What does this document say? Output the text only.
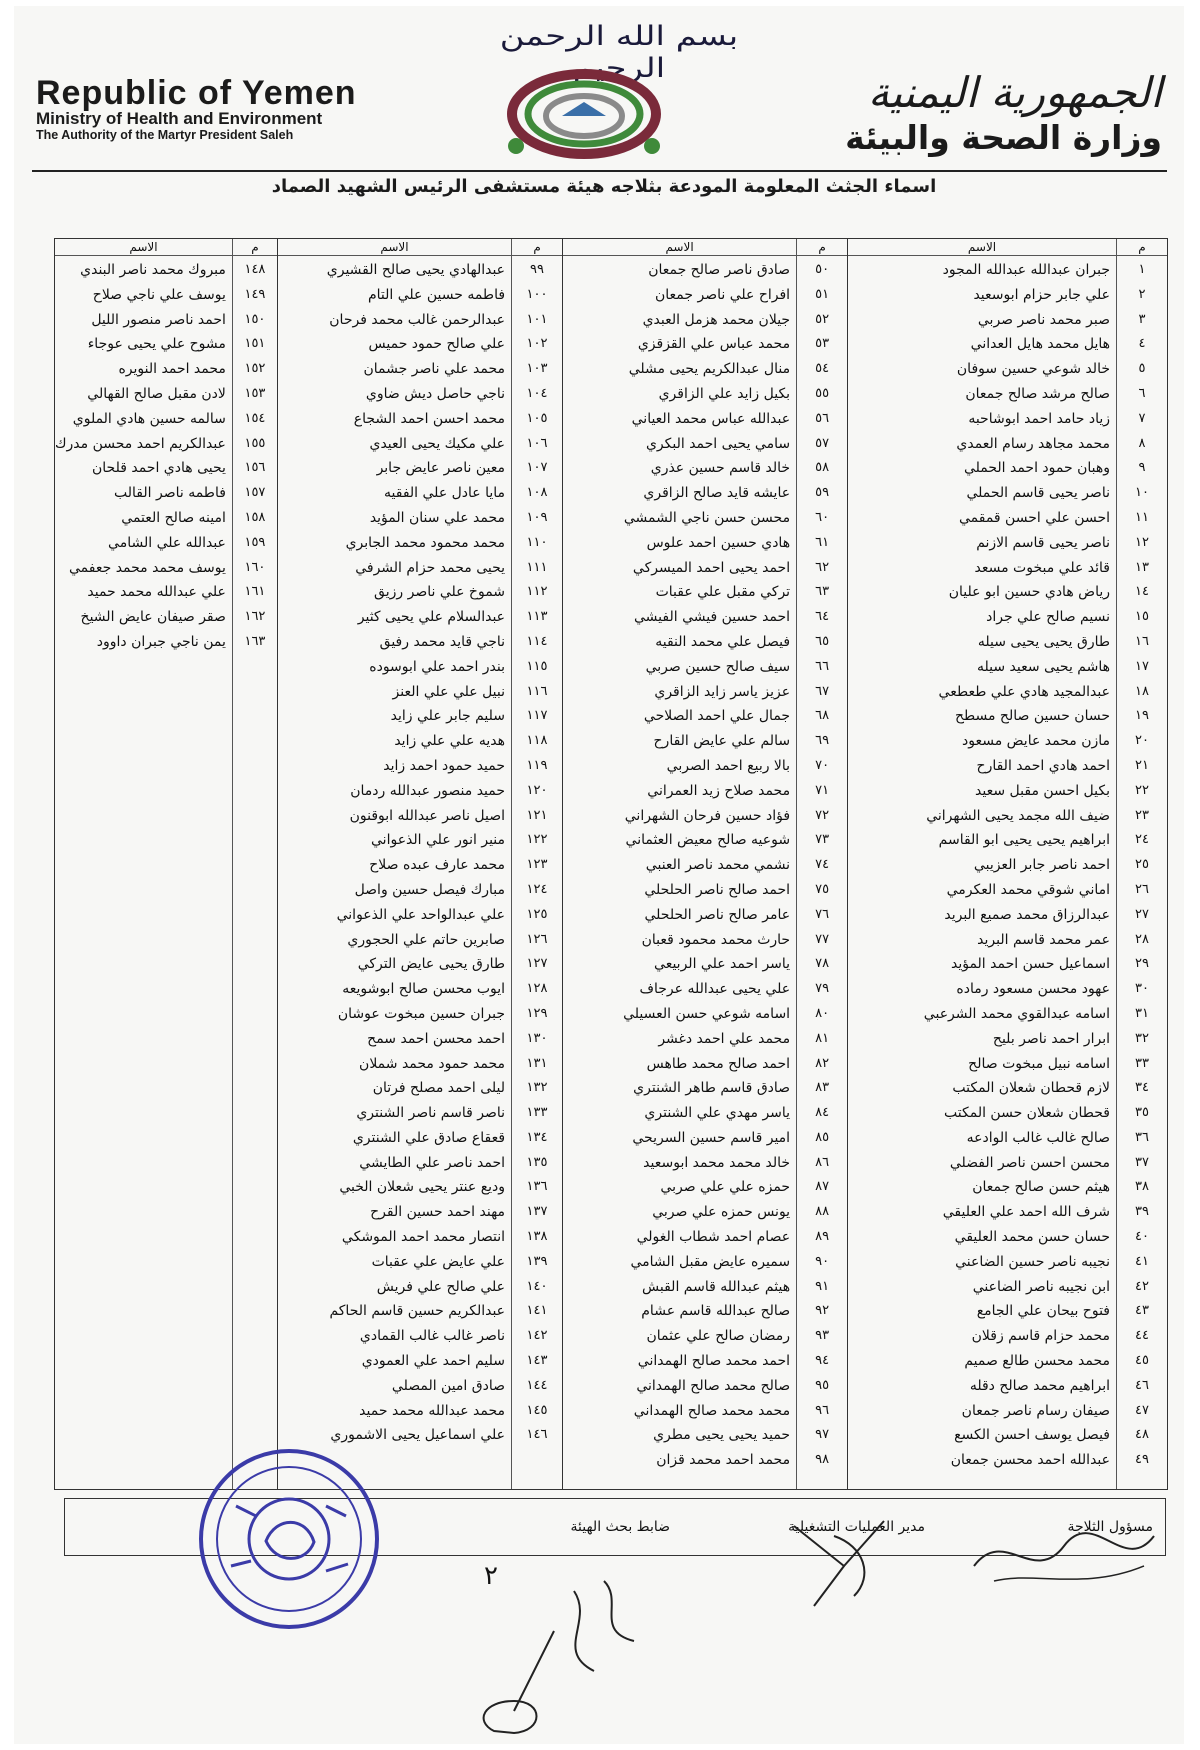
بسم الله الرحمن الرحيم
Republic of Yemen
Ministry of Health and Environment
The Authority of the Martyr President Saleh
الجمهورية اليمنية
وزارة الصحة والبيئة
اسماء الجثث المعلومة المودعة بثلاجه هيئة مستشفى الرئيس الشهيد الصماد
م
١
٢
٣
٤
٥
٦
٧
٨
٩
١٠
١١
١٢
١٣
١٤
١٥
١٦
١٧
١٨
١٩
٢٠
٢١
٢٢
٢٣
٢٤
٢٥
٢٦
٢٧
٢٨
٢٩
٣٠
٣١
٣٢
٣٣
٣٤
٣٥
٣٦
٣٧
٣٨
٣٩
٤٠
٤١
٤٢
٤٣
٤٤
٤٥
٤٦
٤٧
٤٨
٤٩
الاسم
جبران عبدالله عبدالله المجود
علي جابر حزام ابوسعيد
صبر محمد ناصر صربي
هايل محمد هايل العداني
خالد شوعي حسين سوفان
صالح مرشد صالح جمعان
زياد حامد احمد ابوشاحبه
محمد مجاهد رسام العمدي
وهبان حمود احمد الحملي
ناصر يحيى قاسم الحملي
احسن علي احسن قمقمي
ناصر يحيى قاسم الازنم
قائد علي مبخوت مسعد
رياض هادي حسين ابو عليان
نسيم صالح علي جراد
طارق يحيى يحيى سيله
هاشم يحيى سعيد سيله
عبدالمجيد هادي علي طعطعي
حسان حسين صالح مسطح
مازن محمد عايض مسعود
احمد هادي احمد القارح
بكيل احسن مقبل سعيد
ضيف الله مجمد يحيى الشهراني
ابراهيم يحيى يحيى ابو القاسم
احمد ناصر جابر العزيبي
اماني شوقي محمد العكرمي
عبدالرزاق محمد صميع البريد
عمر محمد قاسم البريد
اسماعيل حسن احمد المؤيد
عهود محسن مسعود رماده
اسامه عبدالقوي محمد الشرعبي
ابرار احمد ناصر بليح
اسامه نبيل مبخوت صالح
لازم قحطان شعلان المكتب
قحطان شعلان حسن المكتب
صالح غالب غالب الوادعه
محسن احسن ناصر الفضلي
هيثم حسن صالح جمعان
شرف الله احمد علي العليقي
حسان حسن محمد العليقي
نجيبه ناصر حسين الضاعني
ابن نجيبه ناصر الضاعني
فتوح بيحان علي الجامع
محمد حزام قاسم زقلان
محمد محسن طالع صميم
ابراهيم محمد صالح دقله
صيفان رسام ناصر جمعان
فيصل يوسف احسن الكسع
عبدالله احمد محسن جمعان
م
٥٠
٥١
٥٢
٥٣
٥٤
٥٥
٥٦
٥٧
٥٨
٥٩
٦٠
٦١
٦٢
٦٣
٦٤
٦٥
٦٦
٦٧
٦٨
٦٩
٧٠
٧١
٧٢
٧٣
٧٤
٧٥
٧٦
٧٧
٧٨
٧٩
٨٠
٨١
٨٢
٨٣
٨٤
٨٥
٨٦
٨٧
٨٨
٨٩
٩٠
٩١
٩٢
٩٣
٩٤
٩٥
٩٦
٩٧
٩٨
الاسم
صادق ناصر صالح جمعان
افراح علي ناصر جمعان
جيلان محمد هزمل العبدي
محمد عباس علي القزقزي
منال عبدالكريم يحيى مشلي
بكيل زايد علي الزاقري
عبدالله عباس محمد العياني
سامي يحيى احمد البكري
خالد قاسم حسين عذري
عايشه قايد صالح الزاقري
محسن حسن ناجي الشمشي
هادي حسين احمد علوس
احمد يحيى احمد الميسركي
تركي مقبل علي عقبات
احمد حسين فيشي الفيشي
فيصل علي محمد النقيه
سيف صالح حسين صربي
عزيز ياسر زايد الزاقري
جمال علي احمد الصلاحي
سالم علي عايض القارح
بالا ربيع احمد الصربي
محمد صلاح زيد العمراني
فؤاد حسين فرحان الشهراني
شوعيه صالح معيض العثماني
نشمي محمد ناصر العنبي
احمد صالح ناصر الحلحلي
عامر صالح ناصر الحلحلي
حارث محمد محمود قعبان
ياسر احمد علي الربيعي
علي يحيى عبدالله عرجاف
اسامه شوعي حسن العسيلي
محمد علي احمد دغشر
احمد صالح محمد طاهس
صادق قاسم طاهر الشنتري
ياسر مهدي علي الشنتري
امير قاسم حسين السريحي
خالد محمد محمد ابوسعيد
حمزه علي علي صربي
يونس حمزه علي صربي
عصام احمد شطاب الغولي
سميره عايض مقبل الشامي
هيثم عبدالله قاسم القبش
صالح عبدالله قاسم عشام
رمضان صالح علي عثمان
احمد محمد صالح الهمداني
صالح محمد صالح الهمداني
محمد محمد صالح الهمداني
حميد يحيى يحيى مطري
محمد احمد محمد قزان
م
٩٩
١٠٠
١٠١
١٠٢
١٠٣
١٠٤
١٠٥
١٠٦
١٠٧
١٠٨
١٠٩
١١٠
١١١
١١٢
١١٣
١١٤
١١٥
١١٦
١١٧
١١٨
١١٩
١٢٠
١٢١
١٢٢
١٢٣
١٢٤
١٢٥
١٢٦
١٢٧
١٢٨
١٢٩
١٣٠
١٣١
١٣٢
١٣٣
١٣٤
١٣٥
١٣٦
١٣٧
١٣٨
١٣٩
١٤٠
١٤١
١٤٢
١٤٣
١٤٤
١٤٥
١٤٦
الاسم
عبدالهادي يحيى صالح القشيري
فاطمه حسين علي التام
عبدالرحمن غالب محمد فرحان
علي صالح حمود حميس
محمد علي ناصر جشمان
ناجي حاصل ديش ضاوي
محمد احسن احمد الشجاع
علي مكيك يحيى العيدي
معين ناصر عايض جابر
مايا عادل علي الفقيه
محمد علي سنان المؤيد
محمد محمود محمد الجابري
يحيى محمد حزام الشرفي
شموخ علي ناصر رزيق
عبدالسلام علي يحيى كثير
ناجي قايد محمد رفيق
بندر احمد علي ابوسوده
نبيل علي علي العنز
سليم جابر علي زايد
هديه علي علي زايد
حميد حمود احمد زايد
حميد منصور عبدالله ردمان
اصيل ناصر عبدالله ابوقنون
منير انور علي الذعواني
محمد عارف عبده صلاح
مبارك فيصل حسين واصل
علي عبدالواحد علي الذعواني
صابرين حاتم علي الحجوري
طارق يحيى عايض التركي
ايوب محسن صالح ابوشويعه
جبران حسين مبخوت عوشان
احمد محسن احمد سمح
محمد حمود محمد شملان
ليلى احمد مصلح فرتان
ناصر قاسم ناصر الشنتري
قعقاع صادق علي الشنتري
احمد ناصر علي الطايشي
وديع عنتر يحيى شعلان الخبي
مهند احمد حسين القرح
انتصار محمد احمد الموشكي
علي عايض علي عقبات
علي صالح علي فريش
عبدالكريم حسين قاسم الحاكم
ناصر غالب غالب القمادي
سليم احمد علي العمودي
صادق امين المصلي
محمد عبدالله محمد حميد
علي اسماعيل يحيى الاشموري
م
١٤٨
١٤٩
١٥٠
١٥١
١٥٢
١٥٣
١٥٤
١٥٥
١٥٦
١٥٧
١٥٨
١٥٩
١٦٠
١٦١
١٦٢
١٦٣
الاسم
مبروك محمد ناصر البندي
يوسف علي ناجي صلاح
احمد ناصر منصور الليل
مشوح علي يحيى عوجاء
محمد احمد النويره
لادن مقبل صالح القهالي
سالمه حسين هادي الملوي
عبدالكريم احمد محسن مدرك
يحيى هادي احمد قلحان
فاطمه ناصر القالب
امينه صالح العتمي
عبدالله علي الشامي
يوسف محمد محمد جعفمي
علي عبدالله محمد حميد
صقر صيفان عايض الشيخ
يمن ناجي جبران داوود
مسؤول الثلاجة
مدير العمليات التشغيلية
ضابط بحث الهيئة
٢
